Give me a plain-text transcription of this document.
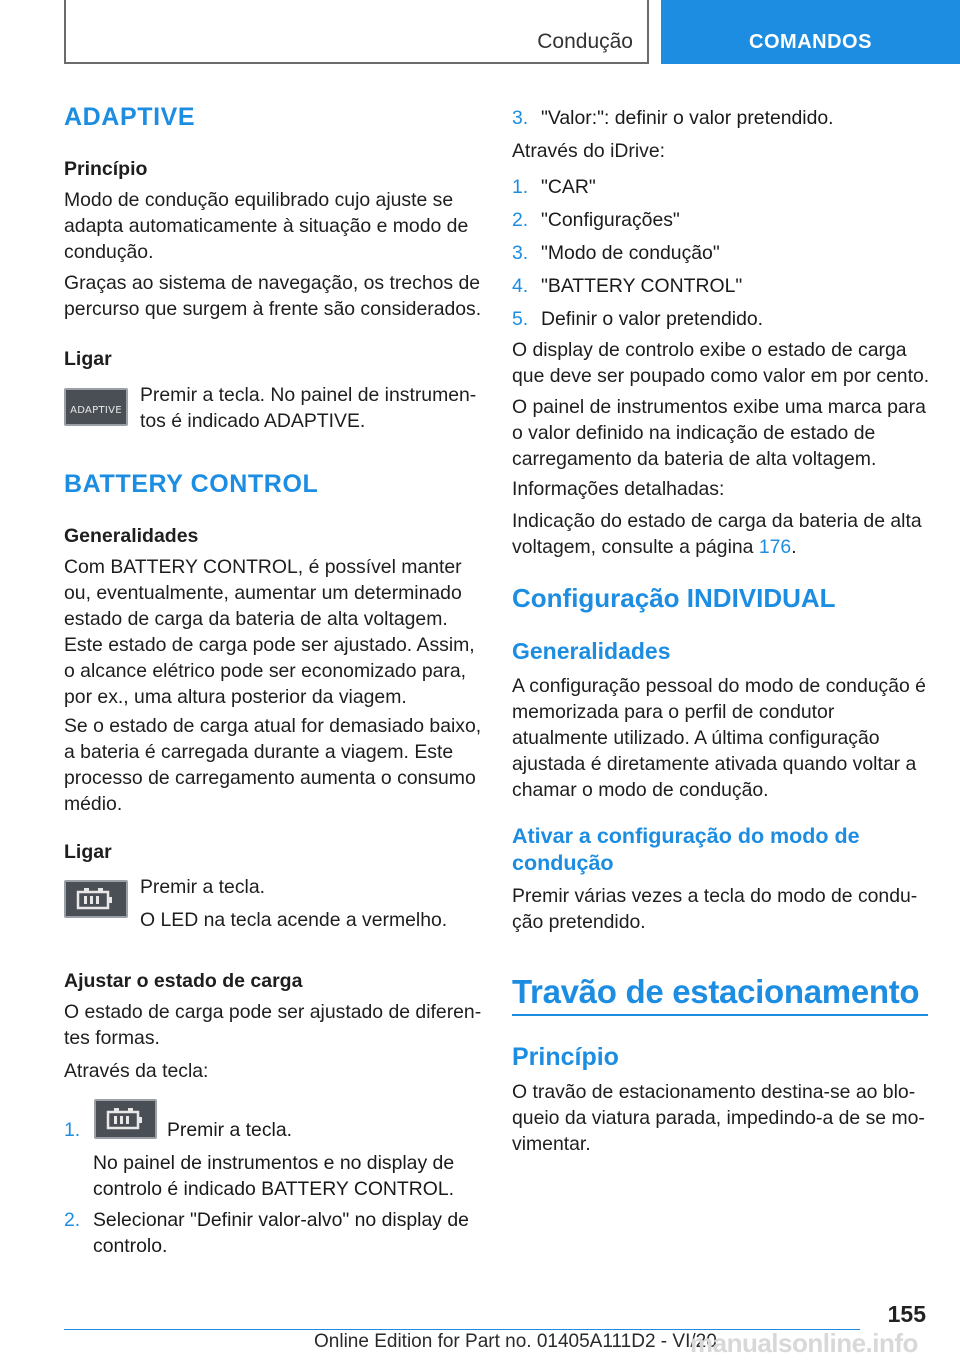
Condução	COMANDOS
ADAPTIVE
Princípio
Modo de condução equilibrado cujo ajuste se adapta automaticamente à situação e modo de condução.
Graças ao sistema de navegação, os trechos de percurso que surgem à frente são considerados.
Ligar
ADAPTIVE
Premir a tecla. No painel de instrumentos é indicado ADAPTIVE.
BATTERY CONTROL
Generalidades
Com BATTERY CONTROL, é possível manter ou, eventualmente, aumentar um determinado estado de carga da bateria de alta voltagem. Este estado de carga pode ser ajustado. Assim, o alcance elétrico pode ser economizado para, por ex., uma altura posterior da viagem.
Se o estado de carga atual for demasiado baixo, a bateria é carregada durante a viagem. Este processo de carregamento aumenta o consumo médio.
Ligar
Premir a tecla.
O LED na tecla acende a vermelho.
Ajustar o estado de carga
O estado de carga pode ser ajustado de diferentes formas.
Através da tecla:
1.	Premir a tecla.
No painel de instrumentos e no display de controlo é indicado BATTERY CONTROL.
2. Selecionar "Definir valor-alvo" no display de controlo.
3. "Valor:": definir o valor pretendido.
Através do iDrive:
1. "CAR"
2. "Configurações"
3. "Modo de condução"
4. "BATTERY CONTROL"
5. Definir o valor pretendido.
O display de controlo exibe o estado de carga que deve ser poupado como valor em por cento.
O painel de instrumentos exibe uma marca para o valor definido na indicação de estado de carregamento da bateria de alta voltagem.
Informações detalhadas:
Indicação do estado de carga da bateria de alta voltagem, consulte a página 176.
Configuração INDIVIDUAL
Generalidades
A configuração pessoal do modo de condução é memorizada para o perfil de condutor atualmente utilizado. A última configuração ajustada é diretamente ativada quando voltar a chamar o modo de condução.
Ativar a configuração do modo de condução
Premir várias vezes a tecla do modo de condução pretendido.
Travão de estacionamento
Princípio
O travão de estacionamento destina-se ao bloqueio da viatura parada, impedindo-a de se movimentar.
155
Online Edition for Part no. 01405A111D2 - VI/20
manualsonline.info
